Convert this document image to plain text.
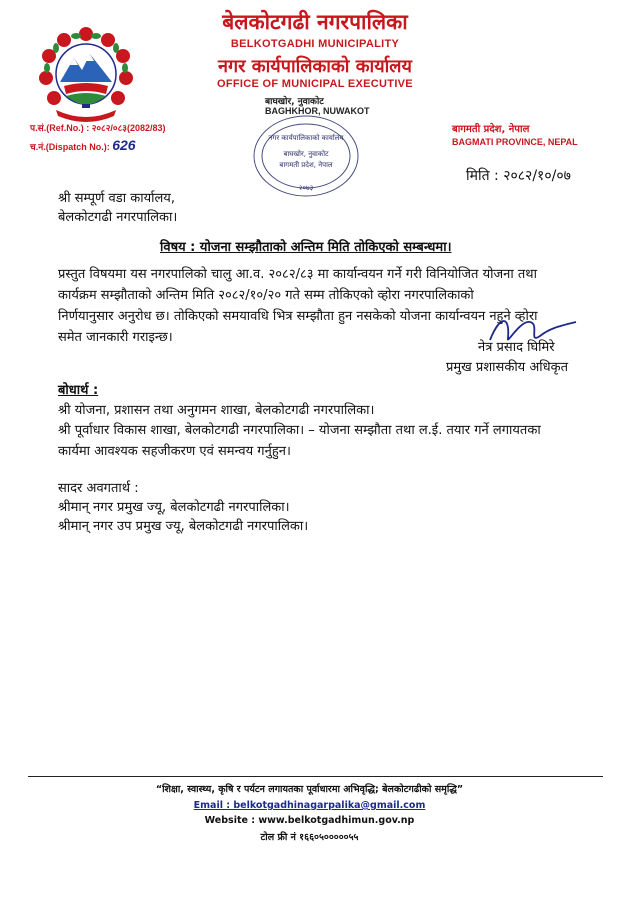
बेलकोटगढी नगरपालिका
BELKOTGADHI MUNICIPALITY
नगर कार्यपालिकाको कार्यालय
OFFICE OF MUNICIPAL EXECUTIVE
बाघखोर, नुवाकोट
BAGHKHOR, NUWAKOT
प.सं.(Ref.No.) : २०८२/०८३(2082/83)
च.नं.(Dispatch No.): 626
बागमती प्रदेश, नेपाल
BAGMATI PROVINCE, NEPAL
नगर कार्यपालिकाको कार्यालय
बाघखोर, नुवाकोट
बागमती प्रदेश, नेपाल
२०७३
मिति : २०८२/१०/०७
श्री सम्पूर्ण वडा कार्यालय,
बेलकोटगढी नगरपालिका।
विषय : योजना सम्झौताको अन्तिम मिति तोकिएको सम्बन्धमा।
प्रस्तुत विषयमा यस नगरपालिको चालु आ.व. २०८२/८३ मा कार्यान्वयन गर्ने गरी विनियोजित योजना तथा
कार्यक्रम सम्झौताको अन्तिम मिति २०८२/१०/२० गते सम्म तोकिएको व्होरा नगरपालिकाको
निर्णयानुसार अनुरोध छ। तोकिएको समयावधि भित्र सम्झौता हुन नसकेको योजना कार्यान्वयन नहुने व्होरा
समेत जानकारी गराइन्छ।
नेत्र प्रसाद घिमिरे
प्रमुख प्रशासकीय अधिकृत
बोधार्थ :
श्री योजना, प्रशासन तथा अनुगमन शाखा, बेलकोटगढी नगरपालिका।
श्री पूर्वाधार विकास शाखा, बेलकोटगढी नगरपालिका। – योजना सम्झौता तथा ल.ई. तयार गर्ने लगायतका
कार्यमा आवश्यक सहजीकरण एवं समन्वय गर्नुहुन।
सादर अवगतार्थ :
श्रीमान् नगर प्रमुख ज्यू, बेलकोटगढी नगरपालिका।
श्रीमान् नगर उप प्रमुख ज्यू, बेलकोटगढी नगरपालिका।
“शिक्षा, स्वास्थ्य, कृषि र पर्यटन लगायतका पूर्वाधारमा अभिवृद्धि; बेलकोटगढीको समृद्धि”
Email : belkotgadhinagarpalika@gmail.com
Website : www.belkotgadhimun.gov.np
टोल फ्री नं १६६०५०००००५५
